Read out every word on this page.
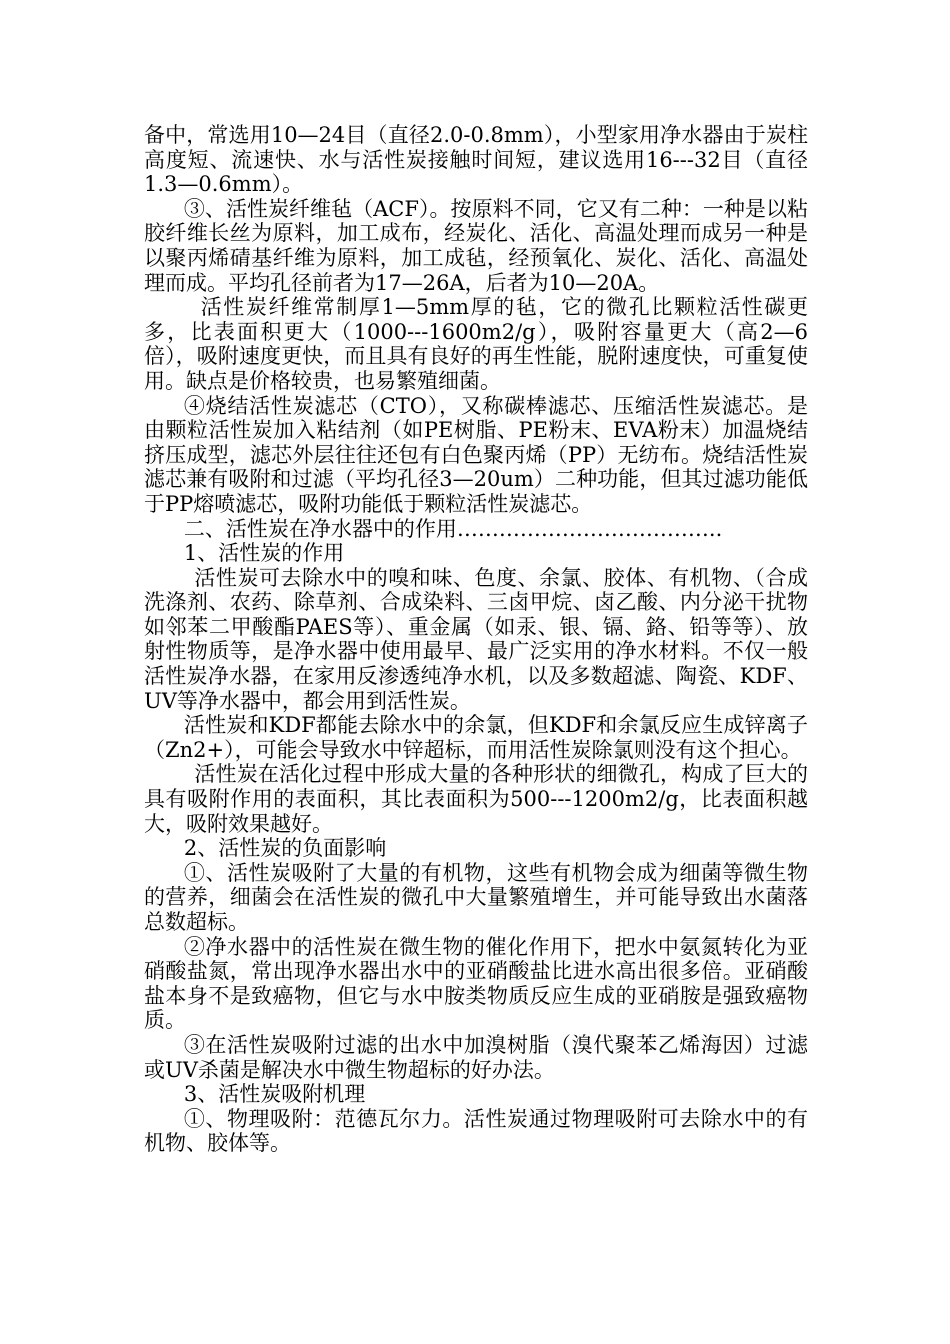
备中，常选用10—24目（直径2.0-0.8mm），小型家用净水器由于炭柱高度短、流速快、水与活性炭接触时间短，建议选用16---32目（直径1.3—0.6mm）。

③、活性炭纤维毡（ACF）。按原料不同，它又有二种：一种是以粘胶纤维长丝为原料，加工成布，经炭化、活化、高温处理而成另一种是以聚丙烯碃基纤维为原料，加工成毡，经预氧化、炭化、活化、高温处理而成。平均孔径前者为17—26A，后者为10—20A。

活性炭纤维常制厚1—5mm厚的毡，它的微孔比颗粒活性碳更多，比表面积更大（1000---1600m2/g），吸附容量更大（高2—6倍），吸附速度更快，而且具有良好的再生性能，脱附速度快，可重复使用。缺点是价格较贵，也易繁殖细菌。

④烧结活性炭滤芯（CTO），又称碳棒滤芯、压缩活性炭滤芯。是由颗粒活性炭加入粘结剂（如PE树脂、PE粉末、EVA粉末）加温烧结挤压成型，滤芯外层往往还包有白色聚丙烯（PP）无纺布。烧结活性炭滤芯兼有吸附和过滤（平均孔径3—20um）二种功能，但其过滤功能低于PP熔喷滤芯，吸附功能低于颗粒活性炭滤芯。

二、活性炭在净水器中的作用………………………………..

1、活性炭的作用

活性炭可去除水中的嗅和味、色度、余氯、胶体、有机物、（合成洗涤剂、农药、除草剂、合成染料、三卤甲烷、卤乙酸、内分泌干扰物如邻苯二甲酸酯PAES等）、重金属（如汞、银、镉、鉻、铅等等）、放射性物质等，是净水器中使用最早、最广泛实用的净水材料。不仅一般活性炭净水器，在家用反渗透纯净水机，以及多数超滤、陶瓷、KDF、UV等净水器中，都会用到活性炭。

活性炭和KDF都能去除水中的余氯，但KDF和余氯反应生成锌离子（Zn2+），可能会导致水中锌超标，而用活性炭除氯则没有这个担心。

活性炭在活化过程中形成大量的各种形状的细微孔，构成了巨大的具有吸附作用的表面积，其比表面积为500---1200m2/g，比表面积越大，吸附效果越好。

2、活性炭的负面影响

①、活性炭吸附了大量的有机物，这些有机物会成为细菌等微生物的营养，细菌会在活性炭的微孔中大量繁殖增生，并可能导致出水菌落总数超标。

②净水器中的活性炭在微生物的催化作用下，把水中氨氮转化为亚硝酸盐氮，常出现净水器出水中的亚硝酸盐比进水高出很多倍。亚硝酸盐本身不是致癌物，但它与水中胺类物质反应生成的亚硝胺是强致癌物质。

③在活性炭吸附过滤的出水中加溴树脂（溴代聚苯乙烯海因）过滤或UV杀菌是解决水中微生物超标的好办法。

3、活性炭吸附机理

①、物理吸附：范德瓦尔力。活性炭通过物理吸附可去除水中的有机物、胶体等。
